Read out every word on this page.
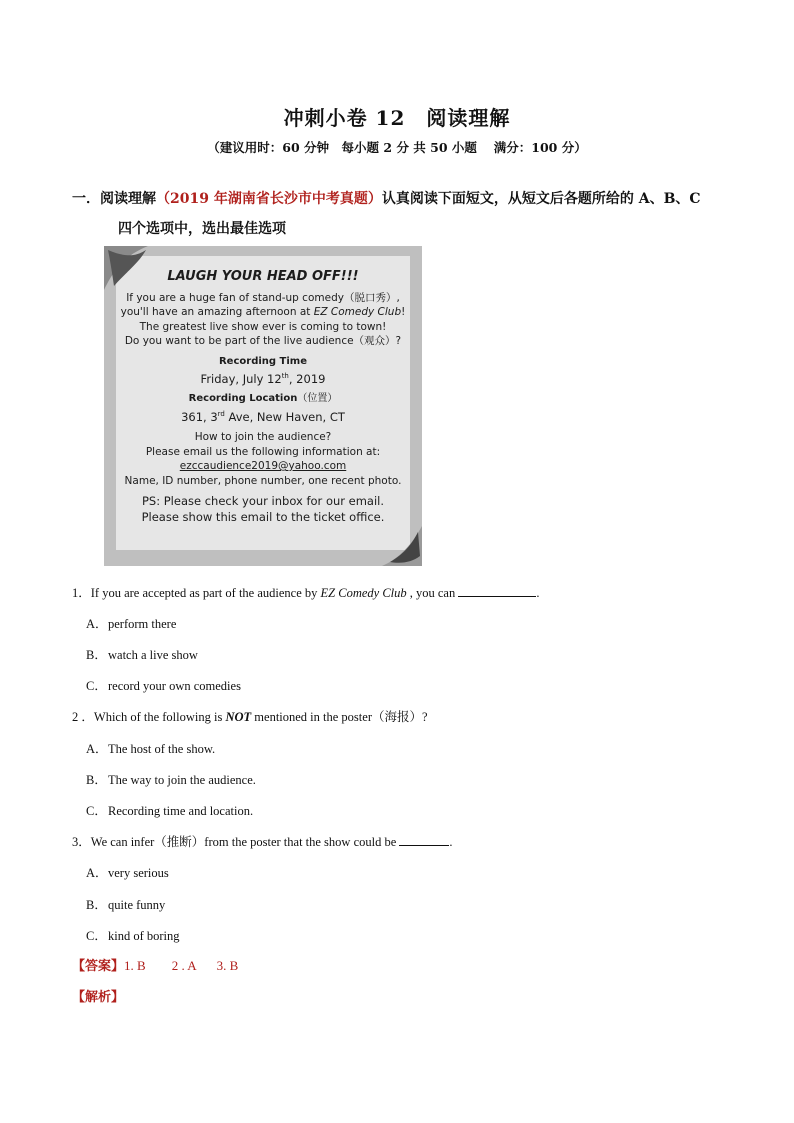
冲刺小卷 12　阅读理解
（建议用时：60 分钟　每小题 2 分 共 50 小题　 满分：100 分）
一．阅读理解（2019 年湖南省长沙市中考真题）认真阅读下面短文，从短文后各题所给的 A、B、C
四个选项中，选出最佳选项
LAUGH YOUR HEAD OFF!!!
If you are a huge fan of stand-up comedy（脱口秀）,
you'll have an amazing afternoon at EZ Comedy Club!
The greatest live show ever is coming to town!
Do you want to be part of the live audience（观众）?
Recording Time
Friday, July 12th, 2019
Recording Location（位置）
361, 3rd Ave, New Haven, CT
How to join the audience?
Please email us the following information at:
ezccaudience2019@yahoo.com
Name, ID number, phone number, one recent photo.
PS: Please check your inbox for our email.
Please show this email to the ticket office.
1．If you are accepted as part of the audience by EZ Comedy Club , you can	.
A．perform there
B．watch a live show
C．record your own comedies
2 ．Which of the following is NOT mentioned in the poster（海报）?
A．The host of the show.
B．The way to join the audience.
C．Recording time and location.
3．We can infer（推断）from the poster that the show could be	.
A．very serious
B．quite funny
C．kind of boring
【答案】1. B 2 . A 3. B
【解析】
